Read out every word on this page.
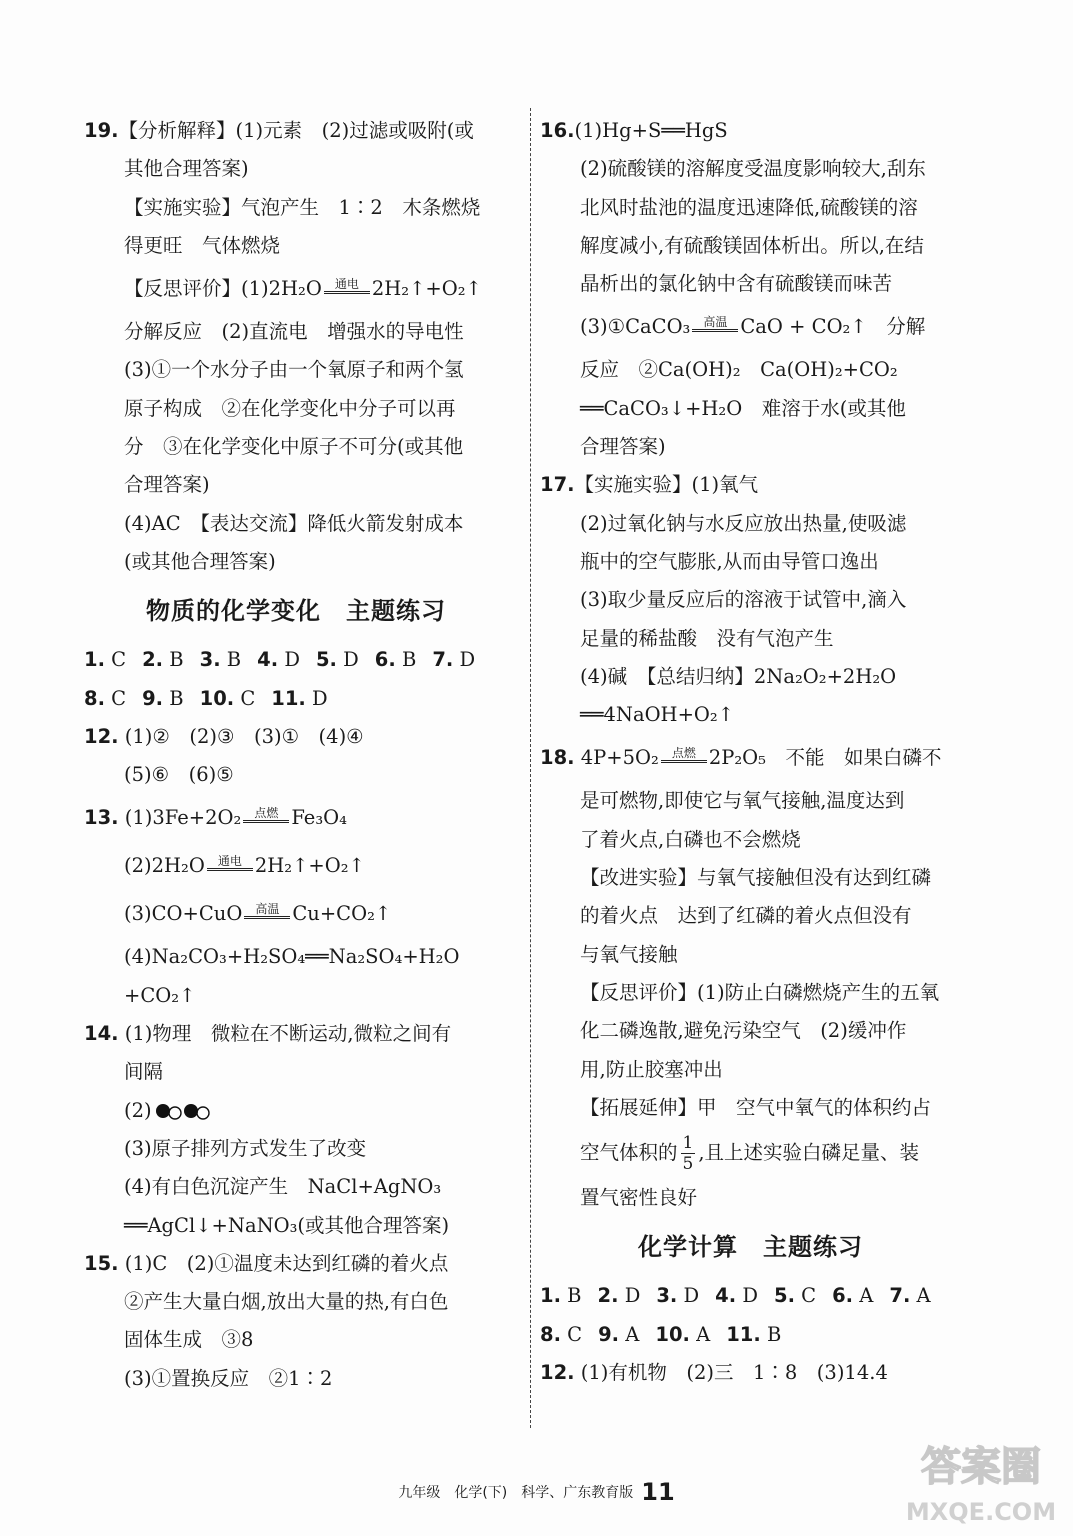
19.【分析解释】(1)元素　(2)过滤或吸附(或
其他合理答案)
【实施实验】气泡产生　1∶2　木条燃烧
得更旺　气体燃烧
【反思评价】(1)2H₂O	通电 2H₂↑+O₂↑
分解反应　(2)直流电　增强水的导电性
(3)①一个水分子由一个氧原子和两个氢
原子构成　②在化学变化中分子可以再
分　③在化学变化中原子不可分(或其他
合理答案)
(4)AC　【表达交流】降低火箭发射成本
(或其他合理答案)
物质的化学变化　主题练习
1. C 2. B 3. B 4. D 5. D 6. B 7. D
8. C 9. B 10. C 11. D
12. (1)②　(2)③　(3)①　(4)④
(5)⑥　(6)⑤
13. (1)3Fe+2O₂	点燃 Fe₃O₄
(2)2H₂O	通电 2H₂↑+O₂↑
(3)CO+CuO	高温 Cu+CO₂↑
(4)Na₂CO₃+H₂SO₄══Na₂SO₄+H₂O
+CO₂↑
14. (1)物理　微粒在不断运动,微粒之间有
间隔
(2)
(3)原子排列方式发生了改变
(4)有白色沉淀产生　NaCl+AgNO₃
══AgCl↓+NaNO₃(或其他合理答案)
15. (1)C　(2)①温度未达到红磷的着火点
②产生大量白烟,放出大量的热,有白色
固体生成　③8
(3)①置换反应　②1∶2
16.(1)Hg+S══HgS
(2)硫酸镁的溶解度受温度影响较大,刮东
北风时盐池的温度迅速降低,硫酸镁的溶
解度减小,有硫酸镁固体析出。所以,在结
晶析出的氯化钠中含有硫酸镁而味苦
(3)①CaCO₃	高温 CaO + CO₂↑　分解
反应　②Ca(OH)₂　Ca(OH)₂+CO₂
══CaCO₃↓+H₂O　难溶于水(或其他
合理答案)
17.【实施实验】(1)氧气
(2)过氧化钠与水反应放出热量,使吸滤
瓶中的空气膨胀,从而由导管口逸出
(3)取少量反应后的溶液于试管中,滴入
足量的稀盐酸　没有气泡产生
(4)碱　【总结归纳】2Na₂O₂+2H₂O
══4NaOH+O₂↑
18. 4P+5O₂	点燃 2P₂O₅　不能　如果白磷不
是可燃物,即使它与氧气接触,温度达到
了着火点,白磷也不会燃烧
【改进实验】与氧气接触但没有达到红磷
的着火点　达到了红磷的着火点但没有
与氧气接触
【反思评价】(1)防止白磷燃烧产生的五氧
化二磷逸散,避免污染空气　(2)缓冲作
用,防止胶塞冲出
【拓展延伸】甲　空气中氧气的体积约占
空气体积的 $\frac{1}{5}$ ,且上述实验白磷足量、装
置气密性良好
化学计算　主题练习
1. B 2. D 3. D 4. D 5. C 6. A 7. A
8. C 9. A 10. A 11. B
12. (1)有机物　(2)三　1∶8　(3)14.4
九年级　化学(下)　科学、广东教育版 11
答案圈
MXQE.COM
